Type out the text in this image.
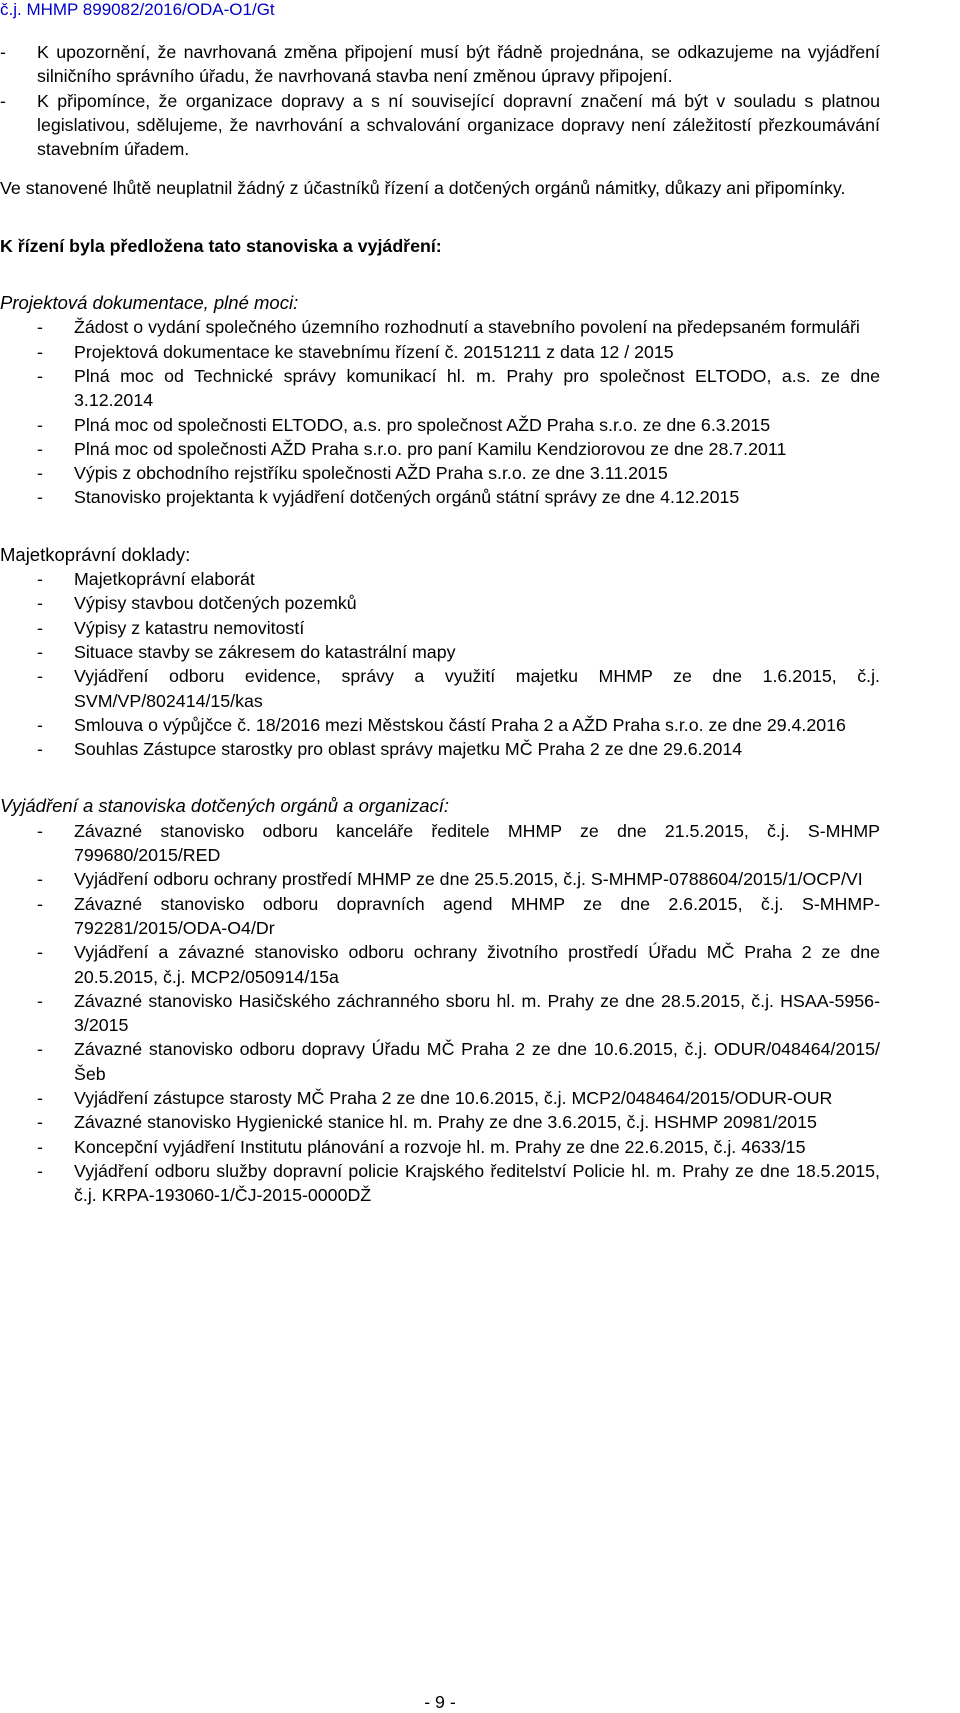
č.j. MHMP 899082/2016/ODA-O1/Gt
- K upozornění, že navrhovaná změna připojení musí být řádně projednána, se odkazujeme na vyjádření silničního správního úřadu, že navrhovaná stavba není změnou úpravy připojení.
- K připomínce, že organizace dopravy a s ní související dopravní značení má být v souladu s platnou legislativou, sdělujeme, že navrhování a schvalování organizace dopravy není záležitostí přezkoumávání stavebním úřadem.

Ve stanovené lhůtě neuplatnil žádný z účastníků řízení a dotčených orgánů námitky, důkazy ani připomínky.

K řízení byla předložena tato stanoviska a vyjádření:

Projektová dokumentace, plné moci:

- Žádost o vydání společného územního rozhodnutí a stavebního povolení na předepsaném formuláři
- Projektová dokumentace ke stavebnímu řízení č. 20151211 z data 12 / 2015
- Plná moc od Technické správy komunikací hl. m. Prahy pro společnost ELTODO, a.s. ze dne 3.12.2014
- Plná moc od společnosti ELTODO, a.s. pro společnost AŽD Praha s.r.o. ze dne 6.3.2015
- Plná moc od společnosti AŽD Praha s.r.o. pro paní Kamilu Kendziorovou ze dne 28.7.2011
- Výpis z obchodního rejstříku společnosti AŽD Praha s.r.o. ze dne 3.11.2015
- Stanovisko projektanta k vyjádření dotčených orgánů státní správy ze dne 4.12.2015

Majetkoprávní doklady:

- Majetkoprávní elaborát
- Výpisy stavbou dotčených pozemků
- Výpisy z katastru nemovitostí
- Situace stavby se zákresem do katastrální mapy
- Vyjádření odboru evidence, správy a využití majetku MHMP ze dne 1.6.2015, č.j. SVM/VP/802414/15/kas
- Smlouva o výpůjčce č. 18/2016 mezi Městskou částí Praha 2 a AŽD Praha s.r.o. ze dne 29.4.2016
- Souhlas Zástupce starostky pro oblast správy majetku MČ Praha 2 ze dne 29.6.2014

Vyjádření a stanoviska dotčených orgánů a organizací:

- Závazné stanovisko odboru kanceláře ředitele MHMP ze dne 21.5.2015, č.j. S-MHMP 799680/2015/RED
- Vyjádření odboru ochrany prostředí MHMP ze dne 25.5.2015, č.j. S-MHMP-0788604/2015/1/OCP/VI
- Závazné stanovisko odboru dopravních agend MHMP ze dne 2.6.2015, č.j. S-MHMP-792281/2015/ODA-O4/Dr
- Vyjádření a závazné stanovisko odboru ochrany životního prostředí Úřadu MČ Praha 2 ze dne 20.5.2015, č.j. MCP2/050914/15a
- Závazné stanovisko Hasičského záchranného sboru hl. m. Prahy ze dne 28.5.2015, č.j. HSAA-5956-3/2015
- Závazné stanovisko odboru dopravy Úřadu MČ Praha 2 ze dne 10.6.2015, č.j. ODUR/048464/2015/Šeb
- Vyjádření zástupce starosty MČ Praha 2 ze dne 10.6.2015, č.j. MCP2/048464/2015/ODUR-OUR
- Závazné stanovisko Hygienické stanice hl. m. Prahy ze dne 3.6.2015, č.j. HSHMP 20981/2015
- Koncepční vyjádření Institutu plánování a rozvoje hl. m. Prahy ze dne 22.6.2015, č.j. 4633/15
- Vyjádření odboru služby dopravní policie Krajského ředitelství Policie hl. m. Prahy ze dne 18.5.2015, č.j. KRPA-193060-1/ČJ-2015-0000DŽ
- 9 -
